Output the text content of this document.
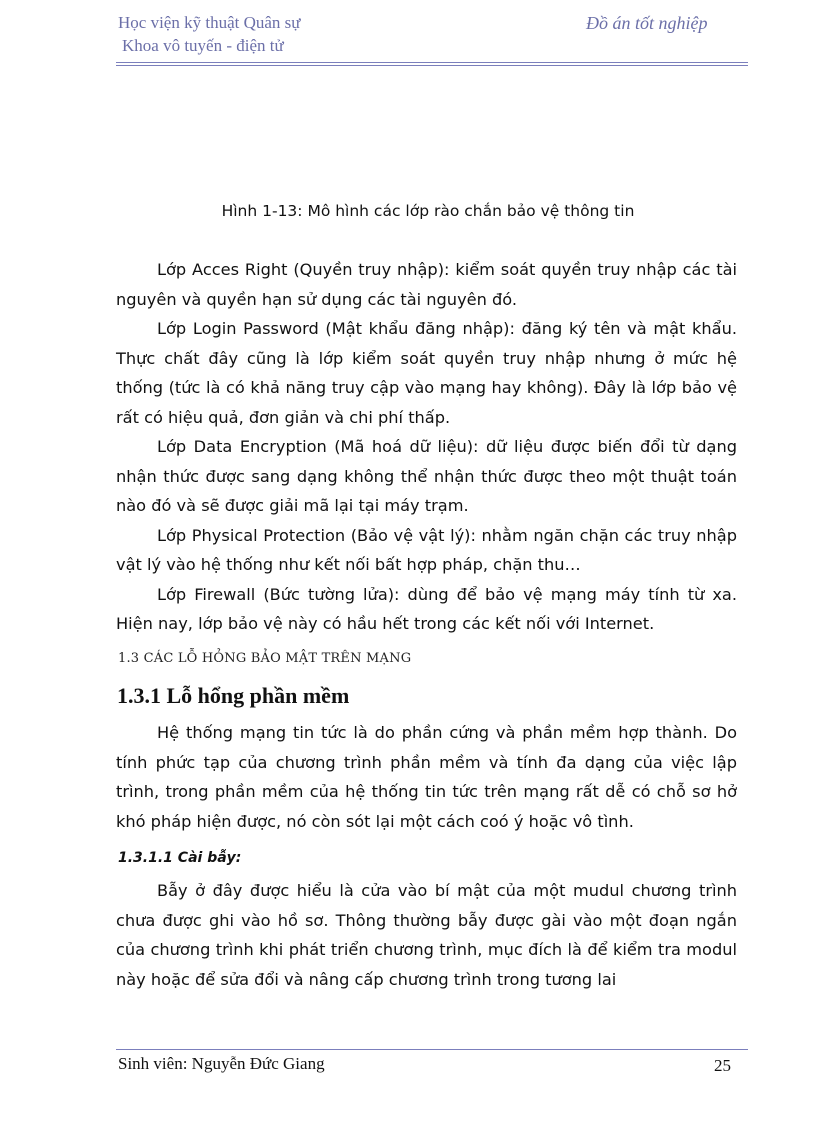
Học viện kỹ thuật Quân sự
Khoa vô tuyến - điện tử
Đồ án tốt nghiệp
Hình 1-13: Mô hình các lớp rào chắn bảo vệ thông tin

Lớp Acces Right (Quyền truy nhập): kiểm soát quyền truy nhập các tài nguyên và quyền hạn sử dụng các tài nguyên đó.

Lớp Login Password (Mật khẩu đăng nhập): đăng ký tên và mật khẩu. Thực chất đây cũng là lớp kiểm soát quyền truy nhập nhưng ở mức hệ thống (tức là có khả năng truy cập vào mạng hay không). Đây là lớp bảo vệ rất có hiệu quả, đơn giản và chi phí thấp.

Lớp Data Encryption (Mã hoá dữ liệu): dữ liệu được biến đổi từ dạng nhận thức được sang dạng không thể nhận thức được theo một thuật toán nào đó và sẽ được giải mã lại tại máy trạm.

Lớp Physical Protection (Bảo vệ vật lý): nhằm ngăn chặn các truy nhập vật lý vào hệ thống như kết nối bất hợp pháp, chặn thu…

Lớp Firewall (Bức tường lửa): dùng để bảo vệ mạng máy tính từ xa. Hiện nay, lớp bảo vệ này có hầu hết trong các kết nối với Internet.

1.3 CÁC LỖ HỎNG BẢO MẬT TRÊN MẠNG
1.3.1 Lỗ hổng phần mềm

Hệ thống mạng tin tức là do phần cứng và phần mềm hợp thành. Do tính phức tạp của chương trình phần mềm và tính đa dạng của việc lập trình, trong phần mềm của hệ thống tin tức trên mạng rất dễ có chỗ sơ hở khó pháp hiện được, nó còn sót lại một cách coó ý hoặc vô tình.

1.3.1.1 Cài bẫy:

Bẫy ở đây được hiểu là cửa vào bí mật của một mudul chương trình chưa được ghi vào hồ sơ. Thông thường bẫy được gài vào một đoạn ngắn của chương trình khi phát triển chương trình, mục đích là để kiểm tra modul này hoặc để sửa đổi và nâng cấp chương trình trong tương lai

Sinh viên: Nguyễn Đức Giang	25
